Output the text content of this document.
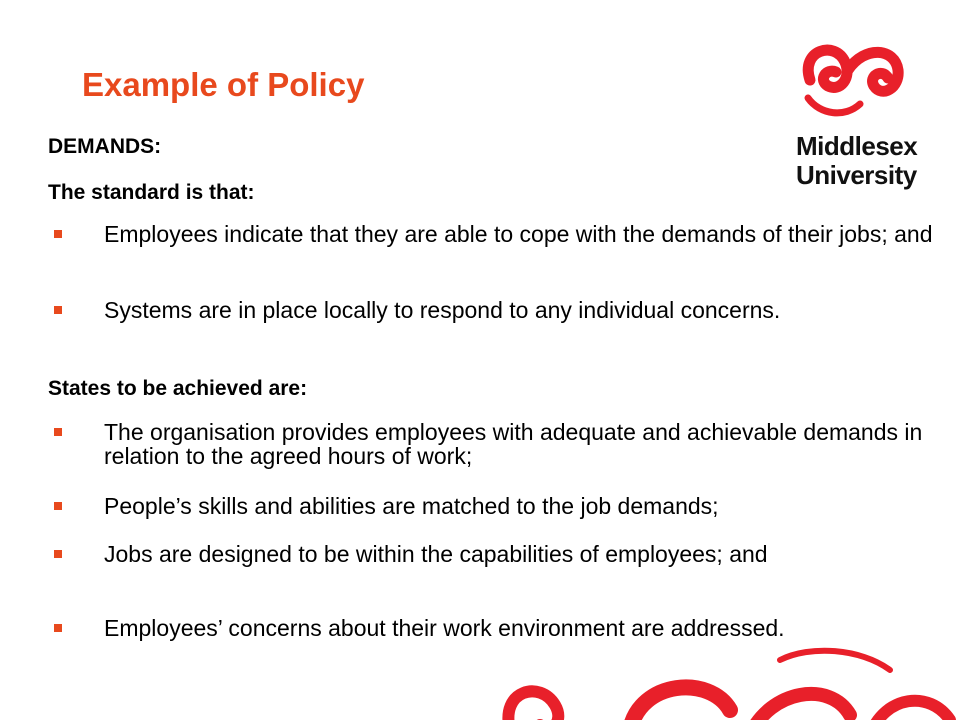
Example of Policy
Middlesex
University

DEMANDS:

The standard is that:

Employees indicate that they are able to cope with the demands of their jobs; and
Systems are in place locally to respond to any individual concerns.

States to be achieved are:

The organisation provides employees with adequate and achievable demands in relation to the agreed hours of work;
People’s skills and abilities are matched to the job demands;
Jobs are designed to be within the capabilities of employees; and
Employees’ concerns about their work environment are addressed.
